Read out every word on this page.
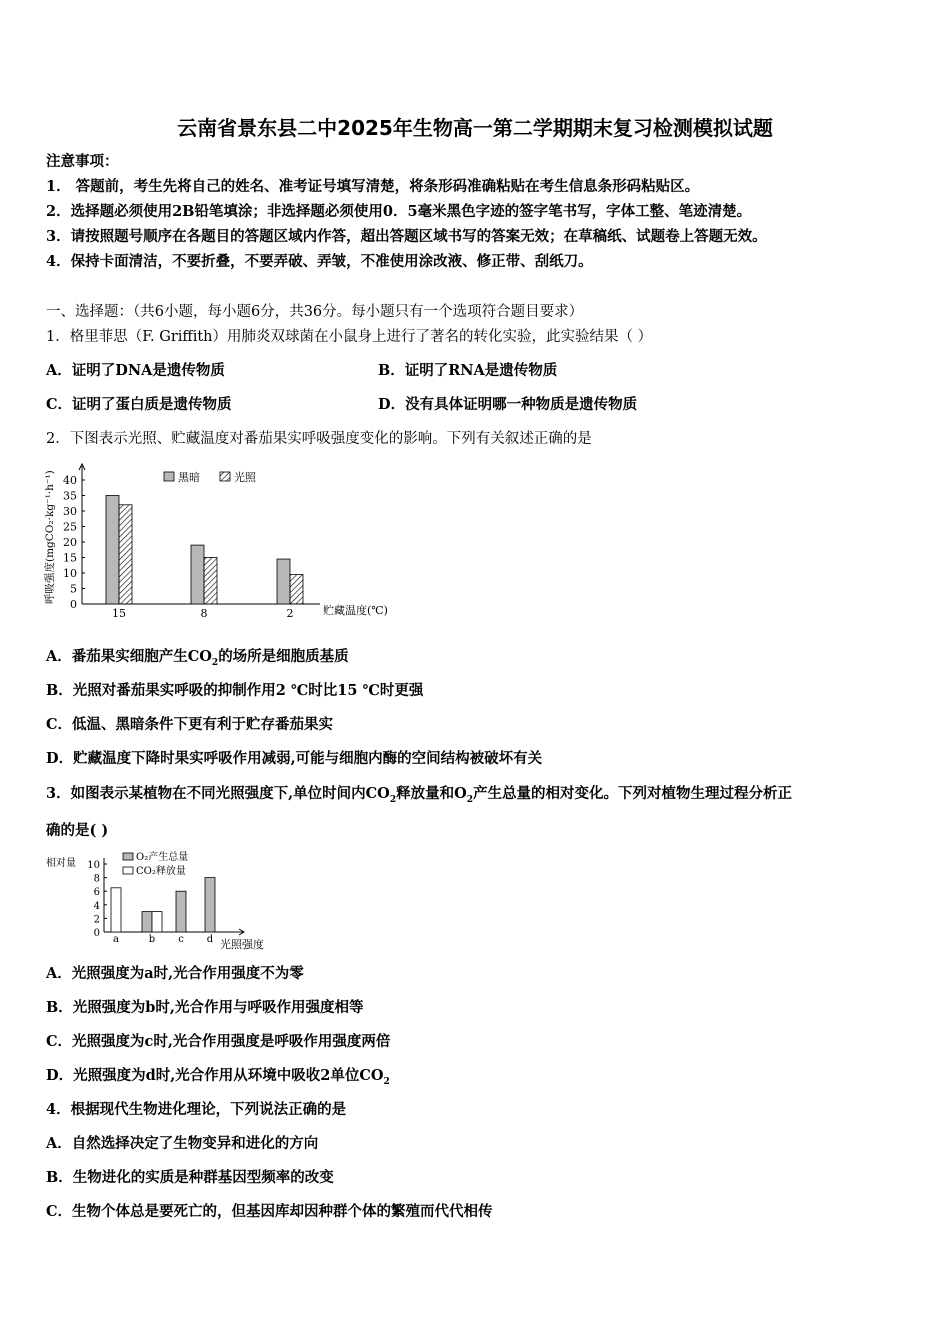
云南省景东县二中2025年生物高一第二学期期末复习检测模拟试题
注意事项：
1． 答题前，考生先将自己的姓名、准考证号填写清楚，将条形码准确粘贴在考生信息条形码粘贴区。
2．选择题必须使用2B铅笔填涂；非选择题必须使用0．5毫米黑色字迹的签字笔书写，字体工整、笔迹清楚。
3．请按照题号顺序在各题目的答题区域内作答，超出答题区域书写的答案无效；在草稿纸、试题卷上答题无效。
4．保持卡面清洁，不要折叠，不要弄破、弄皱，不准使用涂改液、修正带、刮纸刀。
一、选择题：（共6小题，每小题6分，共36分。每小题只有一个选项符合题目要求）
1．格里菲思（F. Griffith）用肺炎双球菌在小鼠身上进行了著名的转化实验，此实验结果（ ）
A．证明了DNA是遗传物质	B．证明了RNA是遗传物质
C．证明了蛋白质是遗传物质	D．没有具体证明哪一种物质是遗传物质
2．下图表示光照、贮藏温度对番茄果实呼吸强度变化的影响。下列有关叙述正确的是
0
5
10
15
20
25
30
35
40
15	8	2
黑暗	光照
呼吸强度(mgCO₂·kg⁻¹·h⁻¹)
贮藏温度(℃)
A．番茄果实细胞产生$CO_2$的场所是细胞质基质
B．光照对番茄果实呼吸的抑制作用2 ℃时比15 ℃时更强
C．低温、黑暗条件下更有利于贮存番茄果实
D．贮藏温度下降时果实呼吸作用减弱,可能与细胞内酶的空间结构被破坏有关
3．如图表示某植物在不同光照强度下,单位时间内$CO_2$释放量和$O_2$产生总量的相对变化。下列对植物生理过程分析正
确的是( )
0
2
4
6
8
10
a	b c d
O₂产生总量
CO₂释放量
相对量
光照强度
A．光照强度为a时,光合作用强度不为零
B．光照强度为b时,光合作用与呼吸作用强度相等
C．光照强度为c时,光合作用强度是呼吸作用强度两倍
D．光照强度为d时,光合作用从环境中吸收2单位$CO_2$
4．根据现代生物进化理论，下列说法正确的是
A．自然选择决定了生物变异和进化的方向
B．生物进化的实质是种群基因型频率的改变
C．生物个体总是要死亡的，但基因库却因种群个体的繁殖而代代相传
